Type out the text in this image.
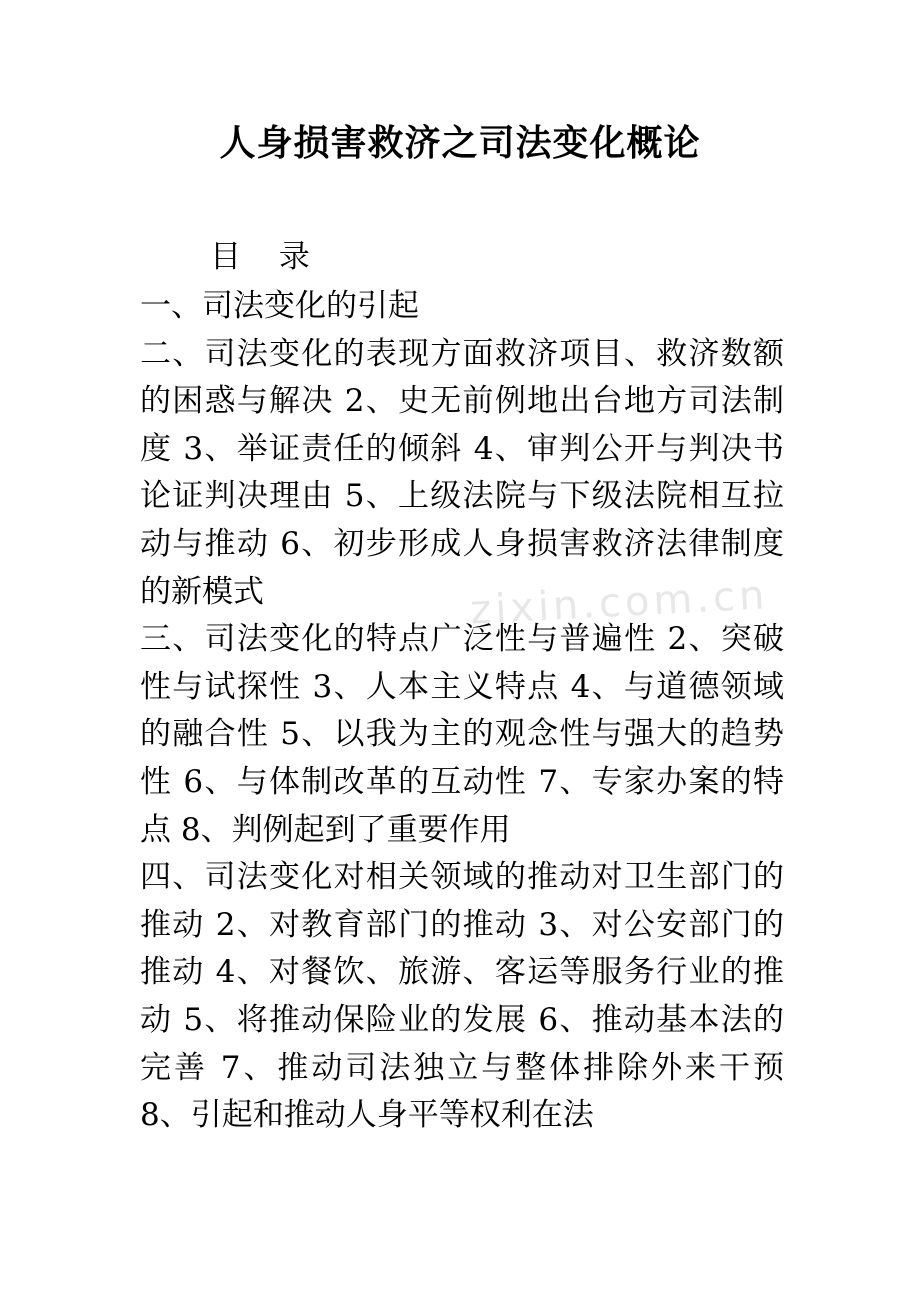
人身损害救济之司法变化概论
目 录

一、司法变化的引起

二、司法变化的表现方面救济项目、救济数额的困惑与解决 2、史无前例地出台地方司法制度 3、举证责任的倾斜 4、审判公开与判决书论证判决理由 5、上级法院与下级法院相互拉动与推动 6、初步形成人身损害救济法律制度的新模式

三、司法变化的特点广泛性与普遍性 2、突破性与试探性 3、人本主义特点 4、与道德领域的融合性 5、以我为主的观念性与强大的趋势性 6、与体制改革的互动性 7、专家办案的特点 8、判例起到了重要作用

四、司法变化对相关领域的推动对卫生部门的推动 2、对教育部门的推动 3、对公安部门的推动 4、对餐饮、旅游、客运等服务行业的推动 5、将推动保险业的发展 6、推动基本法的完善 7、推动司法独立与整体排除外来干预 8、引起和推动人身平等权利在法

zixin.com.cn
